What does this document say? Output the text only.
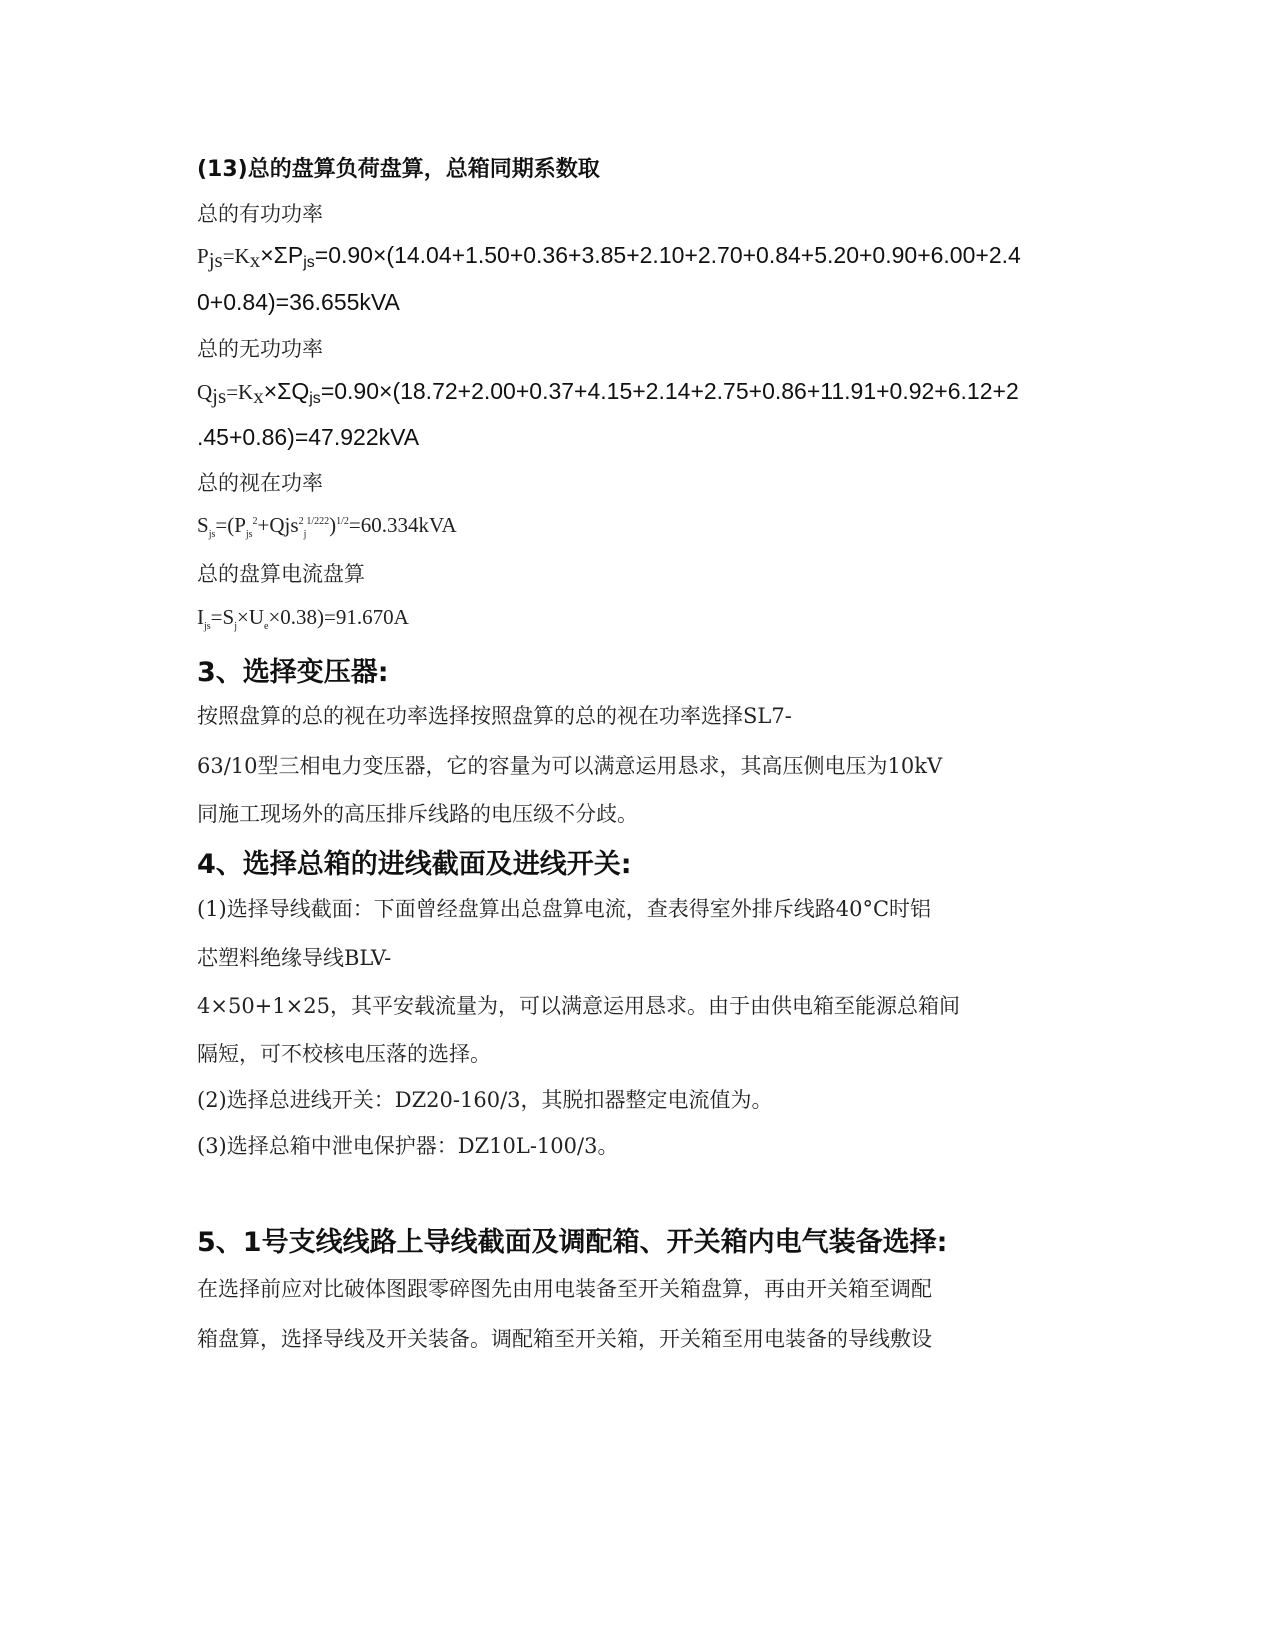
(13)总的盘算负荷盘算，总箱同期系数取
总的有功功率
$P_{js}=K_x\times\Sigma P_{js}=0.90\times(14.04+1.50+0.36+3.85+2.10+2.70+0.84+5.20+0.90+6.00+2.4$
0+0.84)=36.655kVA
总的无功功率
$Q_{js}=K_x\times\Sigma Q_{js}=0.90\times(18.72+2.00+0.37+4.15+2.14+2.75+0.86+11.91+0.92+6.12+2$
.45+0.86)=47.922kVA
总的视在功率
$S_{js}=(P_{js}^2+Qjs^2_j^{1/222})^{1/2}=60.334kVA$
总的盘算电流盘算
$I_{js}=S_j\times U_e\times 0.38)=91.670A$
3、选择变压器:
按照盘算的总的视在功率选择按照盘算的总的视在功率选择SL7-
63/10型三相电力变压器，它的容量为可以满意运用恳求，其高压侧电压为10kV
同施工现场外的高压排斥线路的电压级不分歧。
4、选择总箱的进线截面及进线开关:
(1)选择导线截面：下面曾经盘算出总盘算电流，查表得室外排斥线路40°C时铝
芯塑料绝缘导线BLV-
4×50+1×25，其平安载流量为，可以满意运用恳求。由于由供电箱至能源总箱间
隔短，可不校核电压落的选择。
(2)选择总进线开关：DZ20-160/3，其脱扣器整定电流值为。
(3)选择总箱中泄电保护器：DZ10L-100/3。
5、1号支线线路上导线截面及调配箱、开关箱内电气装备选择:
在选择前应对比破体图跟零碎图先由用电装备至开关箱盘算，再由开关箱至调配
箱盘算，选择导线及开关装备。调配箱至开关箱，开关箱至用电装备的导线敷设
